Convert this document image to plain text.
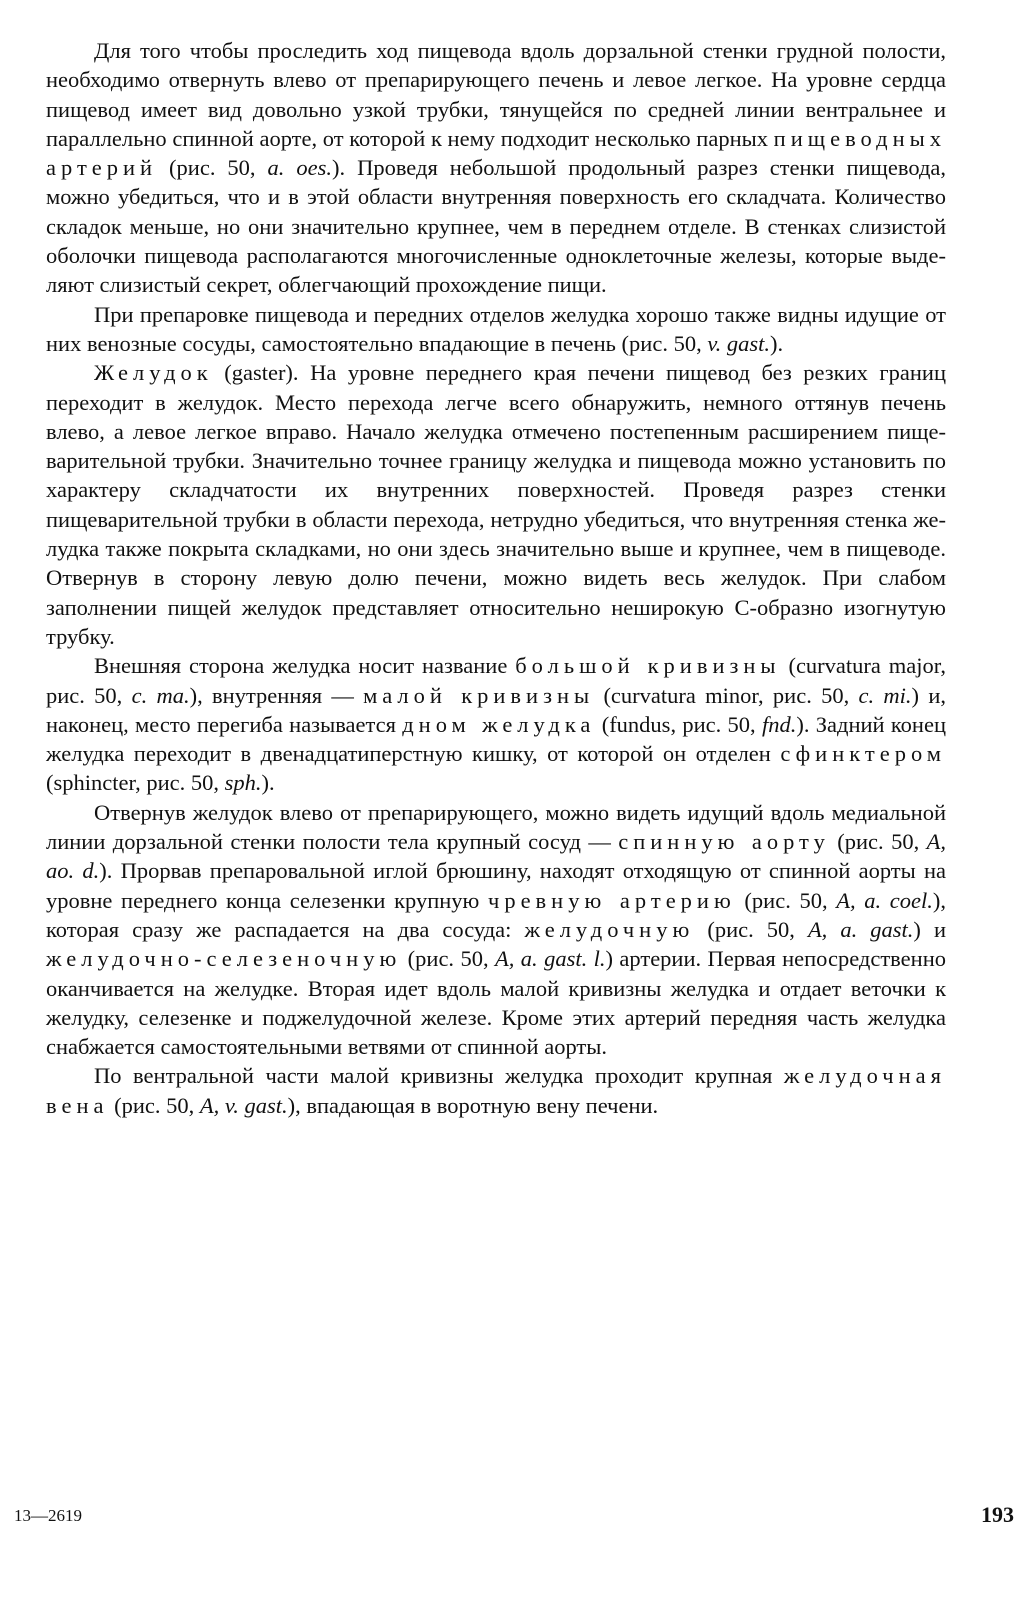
Для того чтобы проследить ход пищевода вдоль дорзальной стенки грудной полости, необходимо отвернуть влево от препарирующего печень и левое легкое. На уровне сердца пищевод имеет вид довольно узкой трубки, тянущейся по средней линии вентральнее и параллельно спинной аорте, от которой к нему подходит несколько парных пищеводных артерий (рис. 50, a. oes.). Проведя небольшой продольный разрез стенки пищевода, можно убедиться, что и в этой области внутренняя поверхность его складчата. Количество складок меньше, но они значительно крупнее, чем в переднем отделе. В стенках слизистой оболочки пищевода располагаются многочисленные одноклеточные железы, которые выделяют слизистый секрет, облегчающий прохождение пищи.

При препаровке пищевода и передних отделов желудка хорошо также видны идущие от них венозные сосуды, самостоятельно впадающие в печень (рис. 50, v. gast.).

Желудок (gaster). На уровне переднего края печени пищевод без резких границ переходит в желудок. Место перехода легче всего обнаружить, немного оттянув печень влево, а левое легкое вправо. Начало желудка отмечено постепенным расширением пищеварительной трубки. Значительно точнее границу желудка и пищевода можно установить по характеру складчатости их внутренних поверхностей. Проведя разрез стенки пищеварительной трубки в области перехода, нетрудно убедиться, что внутренняя стенка желудка также покрыта складками, но они здесь значительно выше и крупнее, чем в пищеводе. Отвернув в сторону левую долю печени, можно видеть весь желудок. При слабом заполнении пищей желудок представляет относительно неширокую С-образно изогнутую трубку.

Внешняя сторона желудка носит название большой кривизны (curvatura major, рис. 50, c. ma.), внутренняя — малой кривизны (curvatura minor, рис. 50, c. mi.) и, наконец, место перегиба называется дном желудка (fundus, рис. 50, fnd.). Задний конец желудка переходит в двенадцатиперстную кишку, от которой он отделен сфинктером (sphincter, рис. 50, sph.).

Отвернув желудок влево от препарирующего, можно видеть идущий вдоль медиальной линии дорзальной стенки полости тела крупный сосуд — спинную аорту (рис. 50, A, ao. d.). Прорвав препаровальной иглой брюшину, находят отходящую от спинной аорты на уровне переднего конца селезенки крупную чревную артерию (рис. 50, A, a. coel.), которая сразу же распадается на два сосуда: желудочную (рис. 50, A, a. gast.) и желудочно-селезеночную (рис. 50, A, a. gast. l.) артерии. Первая непосредственно оканчивается на желудке. Вторая идет вдоль малой кривизны желудка и отдает веточки к желудку, селезенке и поджелудочной железе. Кроме этих артерий передняя часть желудка снабжается самостоятельными ветвями от спинной аорты.

По вентральной части малой кривизны желудка проходит крупная желудочная вена (рис. 50, A, v. gast.), впадающая в воротную вену печени.

13—2619	193
